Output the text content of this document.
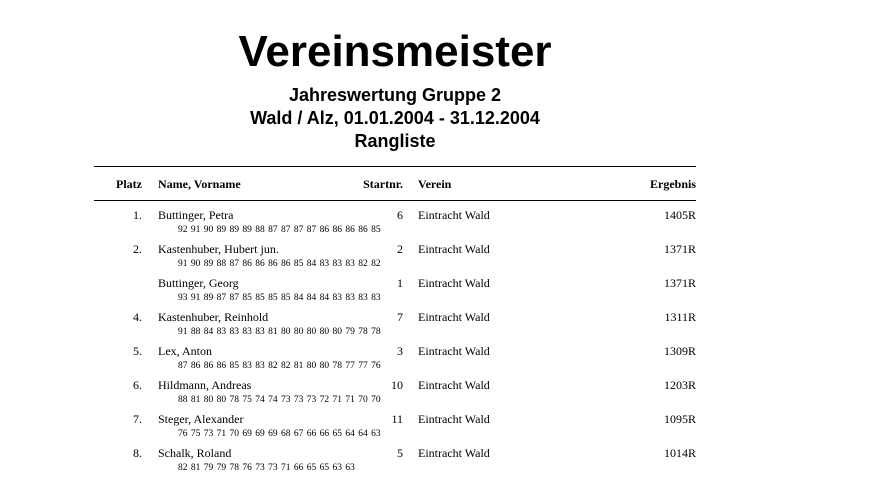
Vereinsmeister
Jahreswertung Gruppe 2
Wald / Alz, 01.01.2004 - 31.12.2004
Rangliste
Platz Name, Vorname	Startnr. Verein	Ergebnis
1. Buttinger, Petra	6 Eintracht Wald	1405R
92 91 90 89 89 89 88 87 87 87 87 86 86 86 86 85
2. Kastenhuber, Hubert jun.	2 Eintracht Wald	1371R
91 90 89 88 87 86 86 86 86 85 84 83 83 83 82 82
Buttinger, Georg	1 Eintracht Wald	1371R
93 91 89 87 87 85 85 85 85 84 84 84 83 83 83 83
4. Kastenhuber, Reinhold	7 Eintracht Wald	1311R
91 88 84 83 83 83 83 81 80 80 80 80 80 79 78 78
5. Lex, Anton	3 Eintracht Wald	1309R
87 86 86 86 85 83 83 82 82 81 80 80 78 77 77 76
6. Hildmann, Andreas	10 Eintracht Wald	1203R
88 81 80 80 78 75 74 74 73 73 73 72 71 71 70 70
7. Steger, Alexander	11 Eintracht Wald	1095R
76 75 73 71 70 69 69 69 68 67 66 66 65 64 64 63
8. Schalk, Roland	5 Eintracht Wald	1014R
82 81 79 79 78 76 73 73 71 66 65 65 63 63
